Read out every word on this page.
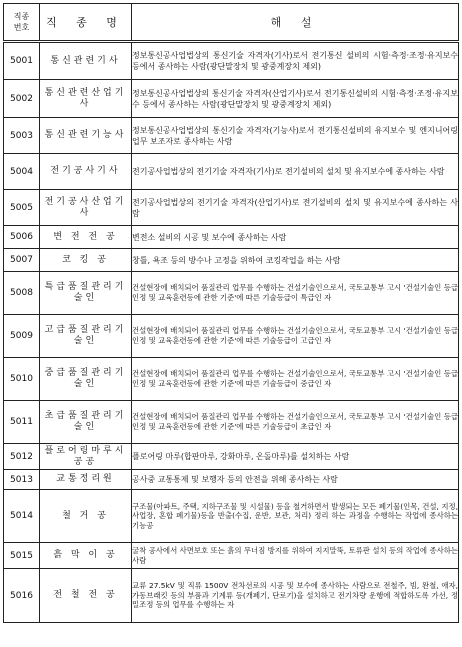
직종
번호	직 종 명	해 설
5001	통신관련기사	정보통신공사업법상의 통신기술 자격자(기사)로서 전기통신 설비의 시험·측정·조정·유지보수 등에서 종사하는 사람(광단말장치 및 광중계장치 제외)
5002	통신관련산업기사	정보통신공사업법상의 통신기술 자격자(산업기사)로서 전기통신설비의 시험·측정·조정·유지보수 등에서 종사하는 사람(광단말장치 및 광중계장치 제외)
5003	통신관련기능사	정보통신공사업법상의 통신기술 자격자(기능사)로서 전기통신설비의 유지보수 및 엔지니어링 업무 보조자로 종사하는 사람
5004	전기공사기사	전기공사업법상의 전기기술 자격자(기사)로 전기설비의 설치 및 유지보수에 종사하는 사람
5005	전기공사산업기사	전기공사업법상의 전기기술 자격자(산업기사)로 전기설비의 설치 및 유지보수에 종사하는 사람
5006	변 전 전 공	변전소 설비의 시공 및 보수에 종사하는 사람
5007	코 킹 공	창틀, 욕조 등의 방수나 고정을 위하여 코킹작업을 하는 사람
5008	특급품질관리기술인	건설현장에 배치되어 품질관리 업무를 수행하는 건설기술인으로서, 국토교통부 고시 '건설기술인 등급인정 및 교육훈련등에 관한 기준'에 따른 기술등급이 특급인 자
5009	고급품질관리기술인	건설현장에 배치되어 품질관리 업무를 수행하는 건설기술인으로서, 국토교통부 고시 '건설기술인 등급인정 및 교육훈련등에 관한 기준'에 따른 기술등급이 고급인 자
5010	중급품질관리기술인	건설현장에 배치되어 품질관리 업무를 수행하는 건설기술인으로서, 국토교통부 고시 '건설기술인 등급인정 및 교육훈련등에 관한 기준'에 따른 기술등급이 중급인 자
5011	초급품질관리기술인	건설현장에 배치되어 품질관리 업무를 수행하는 건설기술인으로서, 국토교통부 고시 '건설기술인 등급인정 및 교육훈련등에 관한 기준'에 따른 기술등급이 초급인 자
5012	플로어링마루시공공	플로어링 마루(합판마루, 강화마루, 온돌마루)를 설치하는 사람
5013	교통정리원	공사중 교통통제 및 보행자 등의 안전을 위해 종사하는 사람
5014	철 거 공	구조물(아파트, 주택, 지하구조물 및 시설물) 등을 철거하면서 발생되는 모든 폐기물(인목, 건설, 지정, 사업장, 혼합 폐기물)등을 반출(수집, 운반, 보관, 처리) 정리 하는 과정을 수행하는 작업에 종사하는 기능공
5015	흙 막 이 공	굴착 공사에서 사면보호 또는 흙의 무너짐 방지를 위하여 지지말뚝, 토류판 설치 등의 작업에 종사하는 사람
5016	전 철 전 공	교류 27.5kV 및 직류 1500V 전차선로의 시공 및 보수에 종사하는 사람으로 전철주, 빔, 완철, 애자, 가동브래킷 등의 부품과 기계류 등(개폐기, 단로기)을 설치하고 전기차량 운행에 적합하도록 가선, 정밀조정 등의 업무를 수행하는 자
